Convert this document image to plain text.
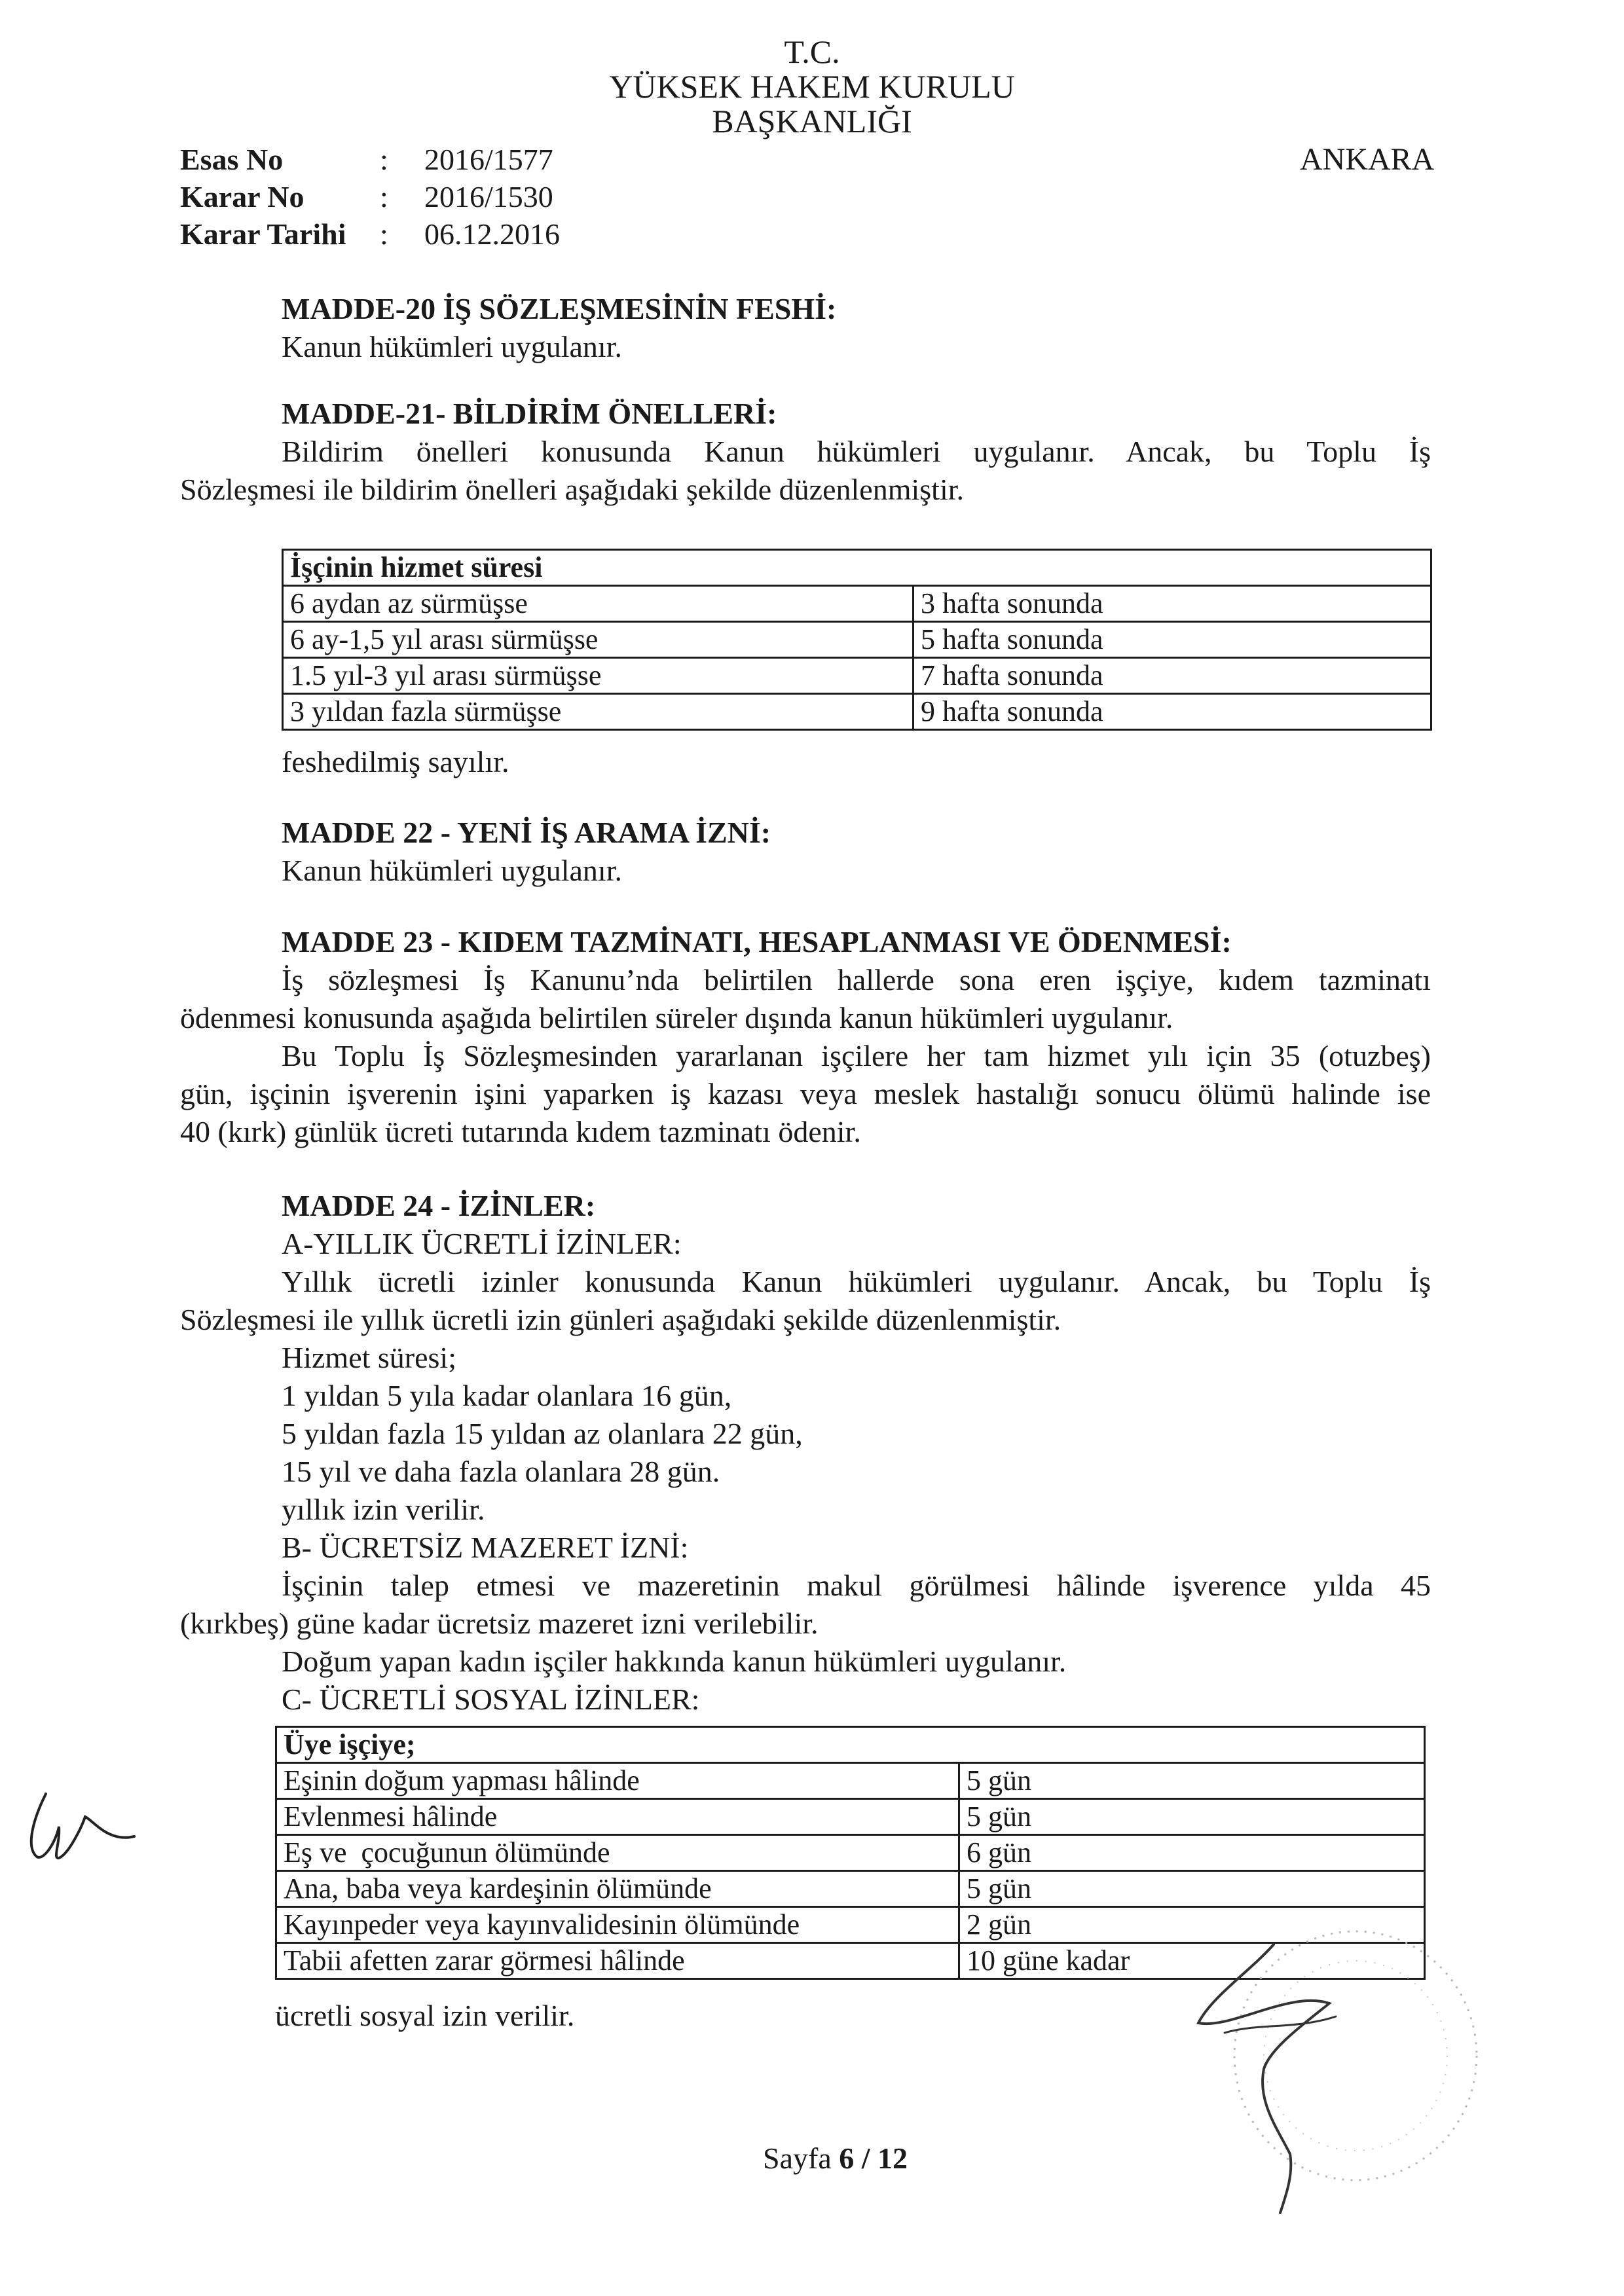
T.C.
YÜKSEK HAKEM KURULU
BAŞKANLIĞI
ANKARA
Esas No	: 2016/1577
Karar No	: 2016/1530
Karar Tarihi : 06.12.2016
MADDE-20 İŞ SÖZLEŞMESİNİN FESHİ:
Kanun hükümleri uygulanır.
MADDE-21- BİLDİRİM ÖNELLERİ:
Bildirim önelleri konusunda Kanun hükümleri uygulanır. Ancak, bu Toplu İş
Sözleşmesi ile bildirim önelleri aşağıdaki şekilde düzenlenmiştir.
İşçinin hizmet süresi	
6 aydan az sürmüşse	3 hafta sonunda
6 ay-1,5 yıl arası sürmüşse	5 hafta sonunda
1.5 yıl-3 yıl arası sürmüşse	7 hafta sonunda
3 yıldan fazla sürmüşse	9 hafta sonunda
feshedilmiş sayılır.
MADDE 22 - YENİ İŞ ARAMA İZNİ:
Kanun hükümleri uygulanır.
MADDE 23 - KIDEM TAZMİNATI, HESAPLANMASI VE ÖDENMESİ:
İş sözleşmesi İş Kanunu’nda belirtilen hallerde sona eren işçiye, kıdem tazminatı
ödenmesi konusunda aşağıda belirtilen süreler dışında kanun hükümleri uygulanır.
Bu Toplu İş Sözleşmesinden yararlanan işçilere her tam hizmet yılı için 35 (otuzbeş)
gün, işçinin işverenin işini yaparken iş kazası veya meslek hastalığı sonucu ölümü halinde ise
40 (kırk) günlük ücreti tutarında kıdem tazminatı ödenir.
MADDE 24 - İZİNLER:
A-YILLIK ÜCRETLİ İZİNLER:
Yıllık ücretli izinler konusunda Kanun hükümleri uygulanır. Ancak, bu Toplu İş
Sözleşmesi ile yıllık ücretli izin günleri aşağıdaki şekilde düzenlenmiştir.
Hizmet süresi;
1 yıldan 5 yıla kadar olanlara 16 gün,
5 yıldan fazla 15 yıldan az olanlara 22 gün,
15 yıl ve daha fazla olanlara 28 gün.
yıllık izin verilir.
B- ÜCRETSİZ MAZERET İZNİ:
İşçinin talep etmesi ve mazeretinin makul görülmesi hâlinde işverence yılda 45
(kırkbeş) güne kadar ücretsiz mazeret izni verilebilir.
Doğum yapan kadın işçiler hakkında kanun hükümleri uygulanır.
C- ÜCRETLİ SOSYAL İZİNLER:
Üye işçiye;	
Eşinin doğum yapması hâlinde	5 gün
Evlenmesi hâlinde	5 gün
Eş ve  çocuğunun ölümünde	6 gün
Ana, baba veya kardeşinin ölümünde	5 gün
Kayınpeder veya kayınvalidesinin ölümünde	2 gün
Tabii afetten zarar görmesi hâlinde	10 güne kadar
ücretli sosyal izin verilir.
Sayfa 6 / 12
